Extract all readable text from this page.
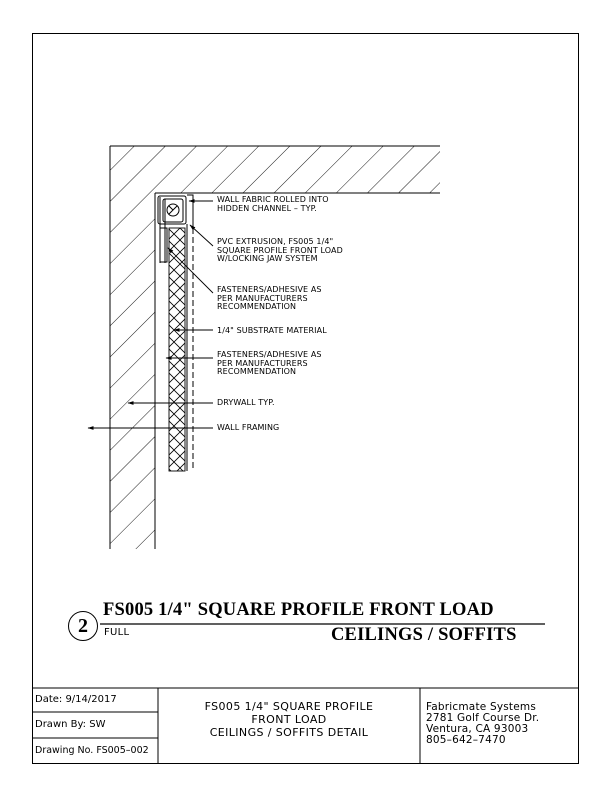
WALL FABRIC ROLLED INTO
HIDDEN CHANNEL – TYP.
PVC EXTRUSION, FS005 1/4"
SQUARE PROFILE FRONT LOAD
W/LOCKING JAW SYSTEM
FASTENERS/ADHESIVE AS
PER MANUFACTURERS
RECOMMENDATION
1/4" SUBSTRATE MATERIAL
FASTENERS/ADHESIVE AS
PER MANUFACTURERS
RECOMMENDATION
DRYWALL TYP.
WALL FRAMING
2
FS005 1/4" SQUARE PROFILE FRONT LOAD
CEILINGS / SOFFITS
FULL
Date: 9/14/2017
Drawn By: SW
Drawing No. FS005–002
FS005 1/4" SQUARE PROFILE
FRONT LOAD
CEILINGS / SOFFITS DETAIL
Fabricmate Systems
2781 Golf Course Dr.
Ventura, CA 93003
805–642–7470
